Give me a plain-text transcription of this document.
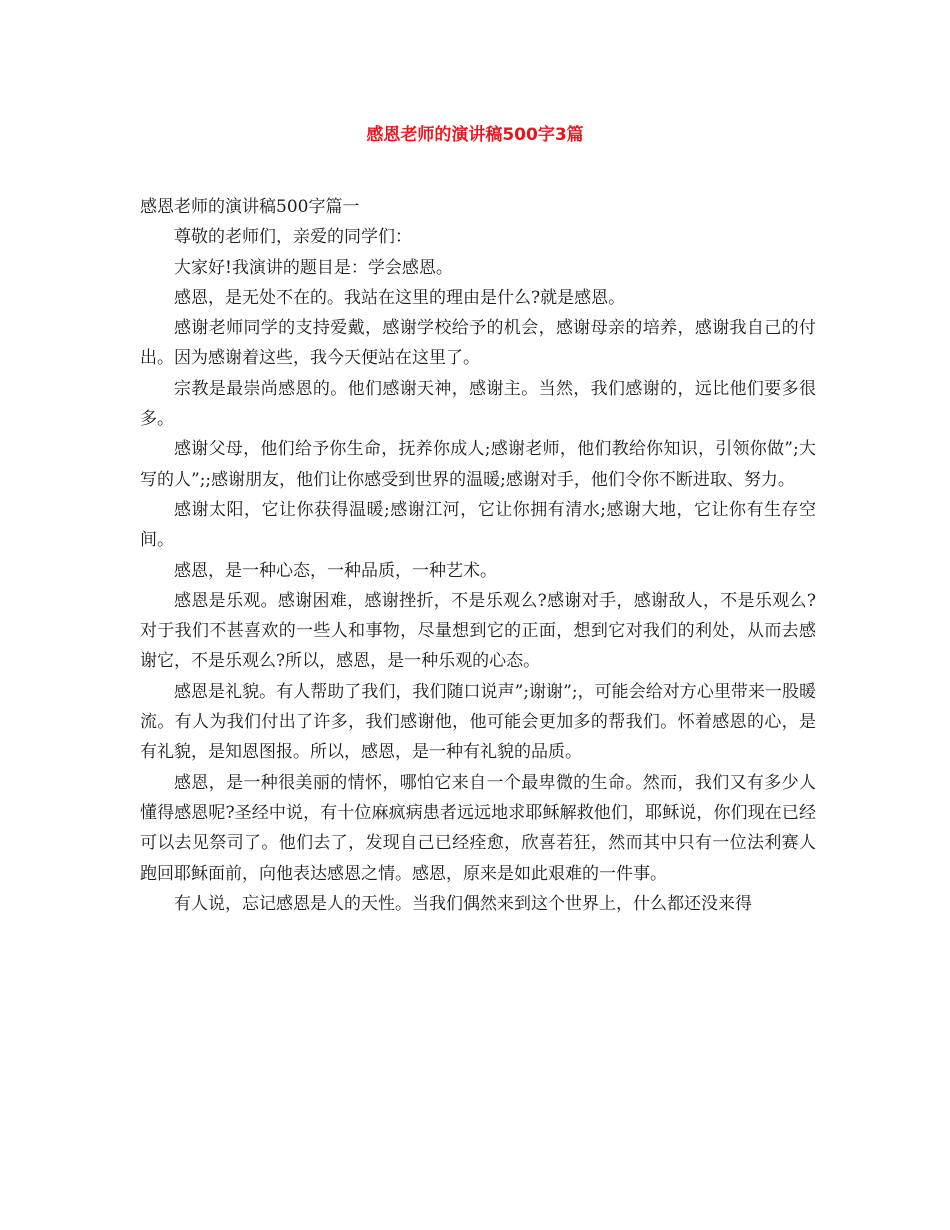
感恩老师的演讲稿500字3篇
感恩老师的演讲稿500字篇一

尊敬的老师们，亲爱的同学们：

大家好!我演讲的题目是：学会感恩。

感恩，是无处不在的。我站在这里的理由是什么?就是感恩。

感谢老师同学的支持爱戴，感谢学校给予的机会，感谢母亲的培养，感谢我自己的付出。因为感谢着这些，我今天便站在这里了。

宗教是最崇尚感恩的。他们感谢天神，感谢主。当然，我们感谢的，远比他们要多很多。

感谢父母，他们给予你生命，抚养你成人;感谢老师，他们教给你知识，引领你做”;大写的人”;;感谢朋友，他们让你感受到世界的温暖;感谢对手，他们令你不断进取、努力。

感谢太阳，它让你获得温暖;感谢江河，它让你拥有清水;感谢大地，它让你有生存空间。

感恩，是一种心态，一种品质，一种艺术。

感恩是乐观。感谢困难，感谢挫折，不是乐观么?感谢对手，感谢敌人，不是乐观么?对于我们不甚喜欢的一些人和事物，尽量想到它的正面，想到它对我们的利处，从而去感谢它，不是乐观么?所以，感恩，是一种乐观的心态。

感恩是礼貌。有人帮助了我们，我们随口说声”;谢谢”;，可能会给对方心里带来一股暖流。有人为我们付出了许多，我们感谢他，他可能会更加多的帮我们。怀着感恩的心，是有礼貌，是知恩图报。所以，感恩，是一种有礼貌的品质。

感恩，是一种很美丽的情怀，哪怕它来自一个最卑微的生命。然而，我们又有多少人懂得感恩呢?圣经中说，有十位麻疯病患者远远地求耶稣解救他们，耶稣说，你们现在已经可以去见祭司了。他们去了，发现自己已经痊愈，欣喜若狂，然而其中只有一位法利赛人跑回耶稣面前，向他表达感恩之情。感恩，原来是如此艰难的一件事。

有人说，忘记感恩是人的天性。当我们偶然来到这个世界上，什么都还没来得
